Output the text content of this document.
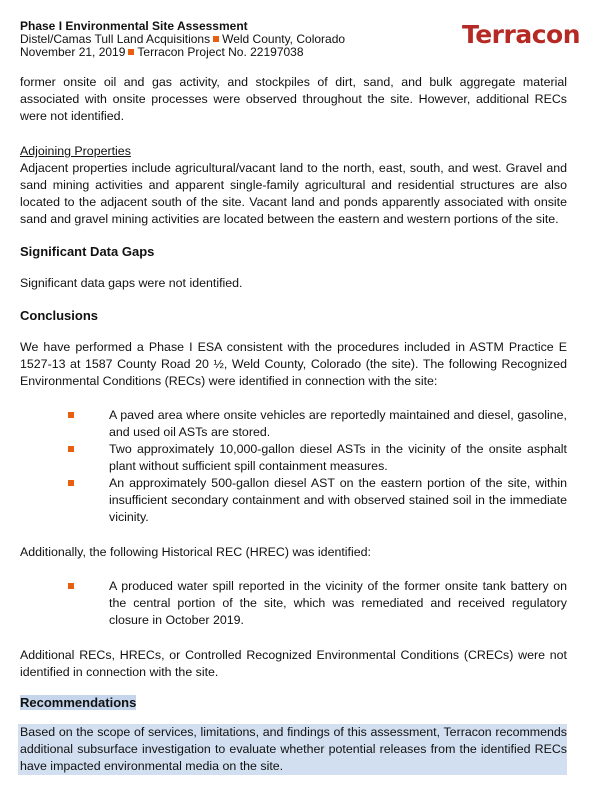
Phase I Environmental Site Assessment
Distel/Camas Tull Land Acquisitions Weld County, Colorado
November 21, 2019 Terracon Project No. 22197038
Terracon

former onsite oil and gas activity, and stockpiles of dirt, sand, and bulk aggregate material associated with onsite processes were observed throughout the site. However, additional RECs were not identified.

Adjoining Properties

Adjacent properties include agricultural/vacant land to the north, east, south, and west. Gravel and sand mining activities and apparent single-family agricultural and residential structures are also located to the adjacent south of the site. Vacant land and ponds apparently associated with onsite sand and gravel mining activities are located between the eastern and western portions of the site.

Significant Data Gaps

Significant data gaps were not identified.

Conclusions

We have performed a Phase I ESA consistent with the procedures included in ASTM Practice E 1527-13 at 1587 County Road 20 ½, Weld County, Colorado (the site). The following Recognized Environmental Conditions (RECs) were identified in connection with the site:

A paved area where onsite vehicles are reportedly maintained and diesel, gasoline, and used oil ASTs are stored.
Two approximately 10,000-gallon diesel ASTs in the vicinity of the onsite asphalt plant without sufficient spill containment measures.
An approximately 500-gallon diesel AST on the eastern portion of the site, within insufficient secondary containment and with observed stained soil in the immediate vicinity.

Additionally, the following Historical REC (HREC) was identified:

A produced water spill reported in the vicinity of the former onsite tank battery on the central portion of the site, which was remediated and received regulatory closure in October 2019.

Additional RECs, HRECs, or Controlled Recognized Environmental Conditions (CRECs) were not identified in connection with the site.

Recommendations

Based on the scope of services, limitations, and findings of this assessment, Terracon recommends additional subsurface investigation to evaluate whether potential releases from the identified RECs have impacted environmental media on the site.
